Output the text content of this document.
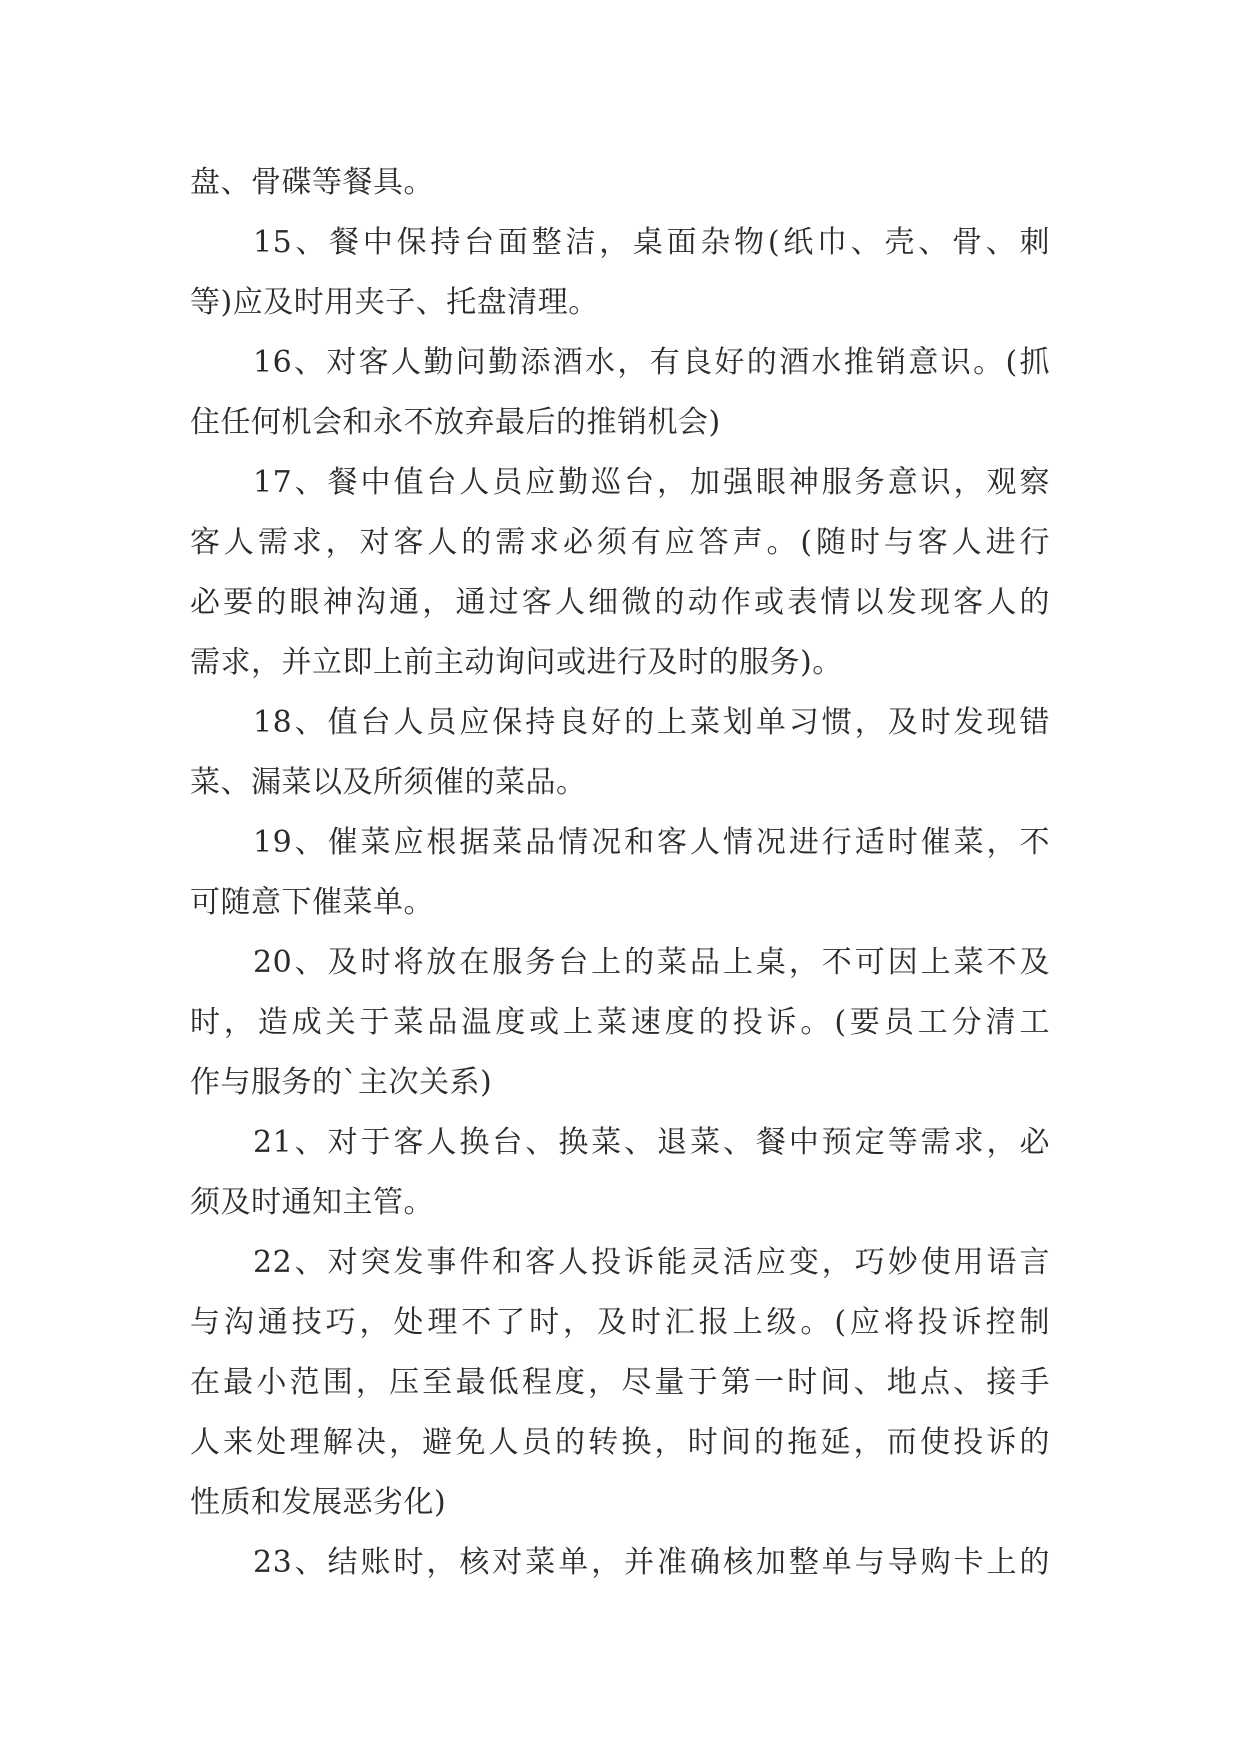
盘、骨碟等餐具。
15、餐中保持台面整洁，桌面杂物(纸巾、壳、骨、刺
等)应及时用夹子、托盘清理。
16、对客人勤问勤添酒水，有良好的酒水推销意识。(抓
住任何机会和永不放弃最后的推销机会)
17、餐中值台人员应勤巡台，加强眼神服务意识，观察
客人需求，对客人的需求必须有应答声。(随时与客人进行
必要的眼神沟通，通过客人细微的动作或表情以发现客人的
需求，并立即上前主动询问或进行及时的服务)。
18、值台人员应保持良好的上菜划单习惯，及时发现错
菜、漏菜以及所须催的菜品。
19、催菜应根据菜品情况和客人情况进行适时催菜，不
可随意下催菜单。
20、及时将放在服务台上的菜品上桌，不可因上菜不及
时，造成关于菜品温度或上菜速度的投诉。(要员工分清工
作与服务的`主次关系)
21、对于客人换台、换菜、退菜、餐中预定等需求，必
须及时通知主管。
22、对突发事件和客人投诉能灵活应变，巧妙使用语言
与沟通技巧，处理不了时，及时汇报上级。(应将投诉控制
在最小范围，压至最低程度，尽量于第一时间、地点、接手
人来处理解决，避免人员的转换，时间的拖延，而使投诉的
性质和发展恶劣化)
23、结账时，核对菜单，并准确核加整单与导购卡上的
